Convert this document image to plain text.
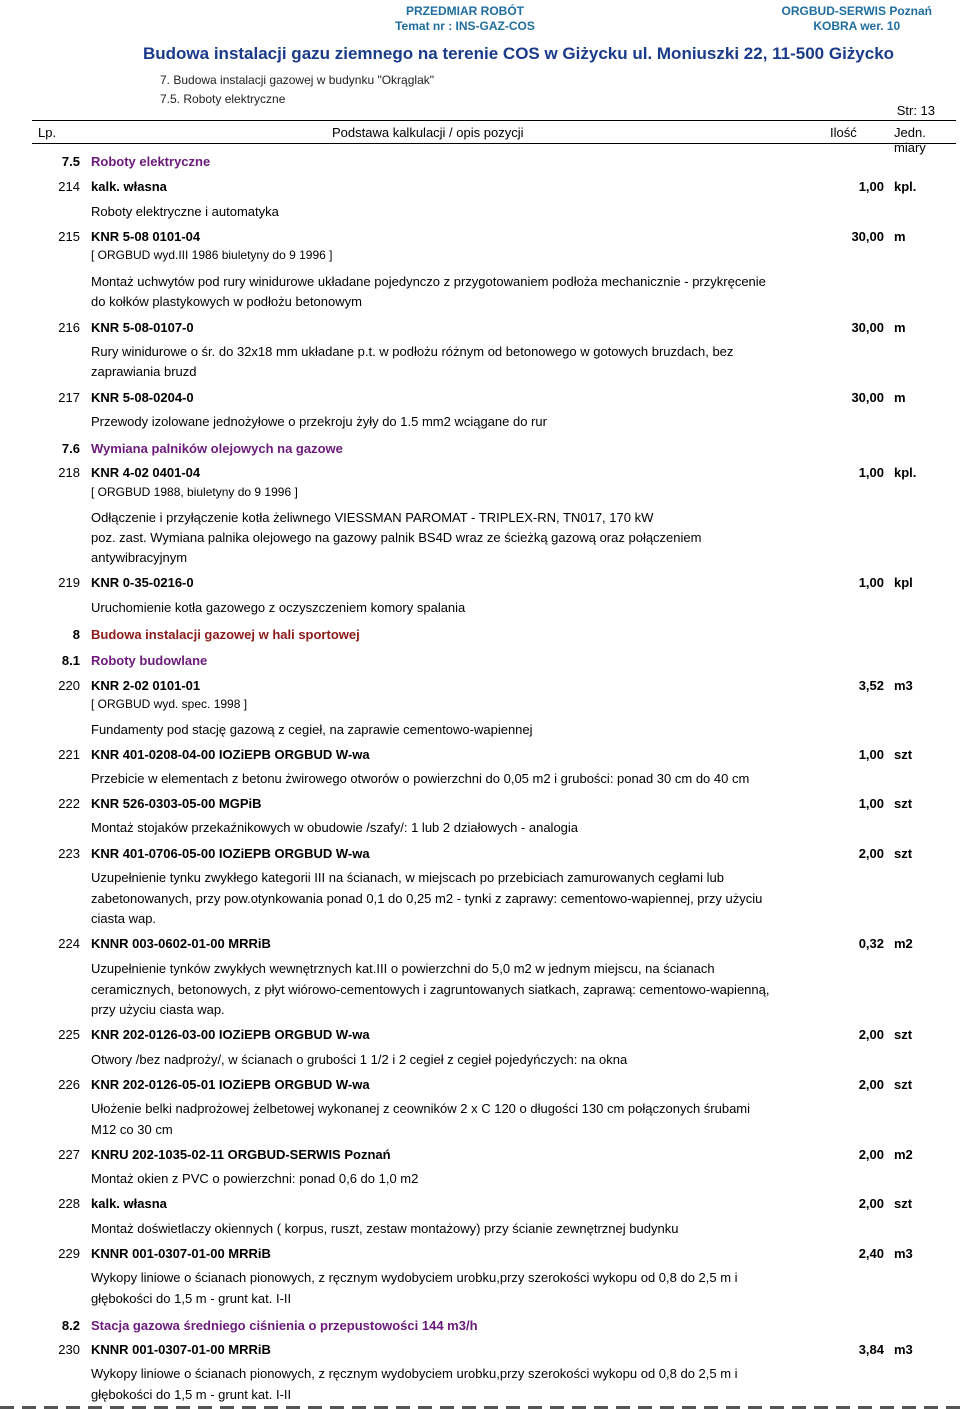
PRZEDMIAR ROBÓT
Temat nr : INS-GAZ-COS
ORGBUD-SERWIS Poznań
KOBRA wer. 10
Budowa instalacji gazu ziemnego na terenie COS w Giżycku ul. Moniuszki 22, 11-500 Giżycko
7. Budowa instalacji gazowej w budynku "Okrąglak"
7.5. Roboty elektryczne
Str: 13
Lp.	Podstawa kalkulacji / opis pozycji	Ilość	Jedn. miary
7.5 Roboty elektryczne
214 kalk. własna	1,00 kpl.
Roboty elektryczne i automatyka
215 KNR 5-08 0101-04	30,00 m
[ ORGBUD wyd.III 1986 biuletyny do 9 1996 ]
Montaż uchwytów pod rury winidurowe układane pojedynczo z przygotowaniem podłoża mechanicznie - przykręcenie
do kołków plastykowych w podłożu betonowym
216 KNR 5-08-0107-0	30,00 m
Rury winidurowe o śr. do 32x18 mm układane p.t. w podłożu różnym od betonowego w gotowych bruzdach, bez
zaprawiania bruzd
217 KNR 5-08-0204-0	30,00 m
Przewody izolowane jednożyłowe o przekroju żyły do 1.5 mm2 wciągane do rur
7.6 Wymiana palników olejowych na gazowe
218 KNR 4-02 0401-04	1,00 kpl.
[ ORGBUD 1988, biuletyny do 9 1996 ]
Odłączenie i przyłączenie kotła żeliwnego VIESSMAN PAROMAT - TRIPLEX-RN, TN017, 170 kW
poz. zast. Wymiana palnika olejowego na gazowy palnik BS4D wraz ze ścieżką gazową oraz połączeniem
antywibracyjnym
219 KNR 0-35-0216-0	1,00 kpl
Uruchomienie kotła gazowego z oczyszczeniem komory spalania
8 Budowa instalacji gazowej w hali sportowej
8.1 Roboty budowlane
220 KNR 2-02 0101-01	3,52 m3
[ ORGBUD wyd. spec. 1998 ]
Fundamenty pod stację gazową z cegieł, na zaprawie cementowo-wapiennej
221 KNR 401-0208-04-00 IOZiEPB ORGBUD W-wa	1,00 szt
Przebicie w elementach z betonu żwirowego otworów o powierzchni do 0,05 m2 i grubości: ponad 30 cm do 40 cm
222 KNR 526-0303-05-00 MGPiB	1,00 szt
Montaż stojaków przekaźnikowych w obudowie /szafy/: 1 lub 2 działowych - analogia
223 KNR 401-0706-05-00 IOZiEPB ORGBUD W-wa	2,00 szt
Uzupełnienie tynku zwykłego kategorii III na ścianach, w miejscach po przebiciach zamurowanych cegłami lub
zabetonowanych, przy pow.otynkowania ponad 0,1 do 0,25 m2 - tynki z zaprawy: cementowo-wapiennej, przy użyciu
ciasta wap.
224 KNNR 003-0602-01-00 MRRiB	0,32 m2
Uzupełnienie tynków zwykłych wewnętrznych kat.III o powierzchni do 5,0 m2 w jednym miejscu, na ścianach
ceramicznych, betonowych, z płyt wiórowo-cementowych i zagruntowanych siatkach, zaprawą: cementowo-wapienną,
przy użyciu ciasta wap.
225 KNR 202-0126-03-00 IOZiEPB ORGBUD W-wa	2,00 szt
Otwory /bez nadproży/, w ścianach o grubości 1 1/2 i 2 cegieł z cegieł pojedyńczych: na okna
226 KNR 202-0126-05-01 IOZiEPB ORGBUD W-wa	2,00 szt
Ułożenie belki nadprożowej żelbetowej wykonanej z ceowników 2 x C 120 o długości 130 cm połączonych śrubami
M12 co 30 cm
227 KNRU 202-1035-02-11 ORGBUD-SERWIS Poznań	2,00 m2
Montaż okien z PVC o powierzchni: ponad 0,6 do 1,0 m2
228 kalk. własna	2,00 szt
Montaż doświetlaczy okiennych ( korpus, ruszt, zestaw montażowy) przy ścianie zewnętrznej budynku
229 KNNR 001-0307-01-00 MRRiB	2,40 m3
Wykopy liniowe o ścianach pionowych, z ręcznym wydobyciem urobku,przy szerokości wykopu od 0,8 do 2,5 m i
głębokości do 1,5 m - grunt kat. I-II
8.2 Stacja gazowa średniego ciśnienia o przepustowości 144 m3/h
230 KNNR 001-0307-01-00 MRRiB	3,84 m3
Wykopy liniowe o ścianach pionowych, z ręcznym wydobyciem urobku,przy szerokości wykopu od 0,8 do 2,5 m i
głębokości do 1,5 m - grunt kat. I-II
